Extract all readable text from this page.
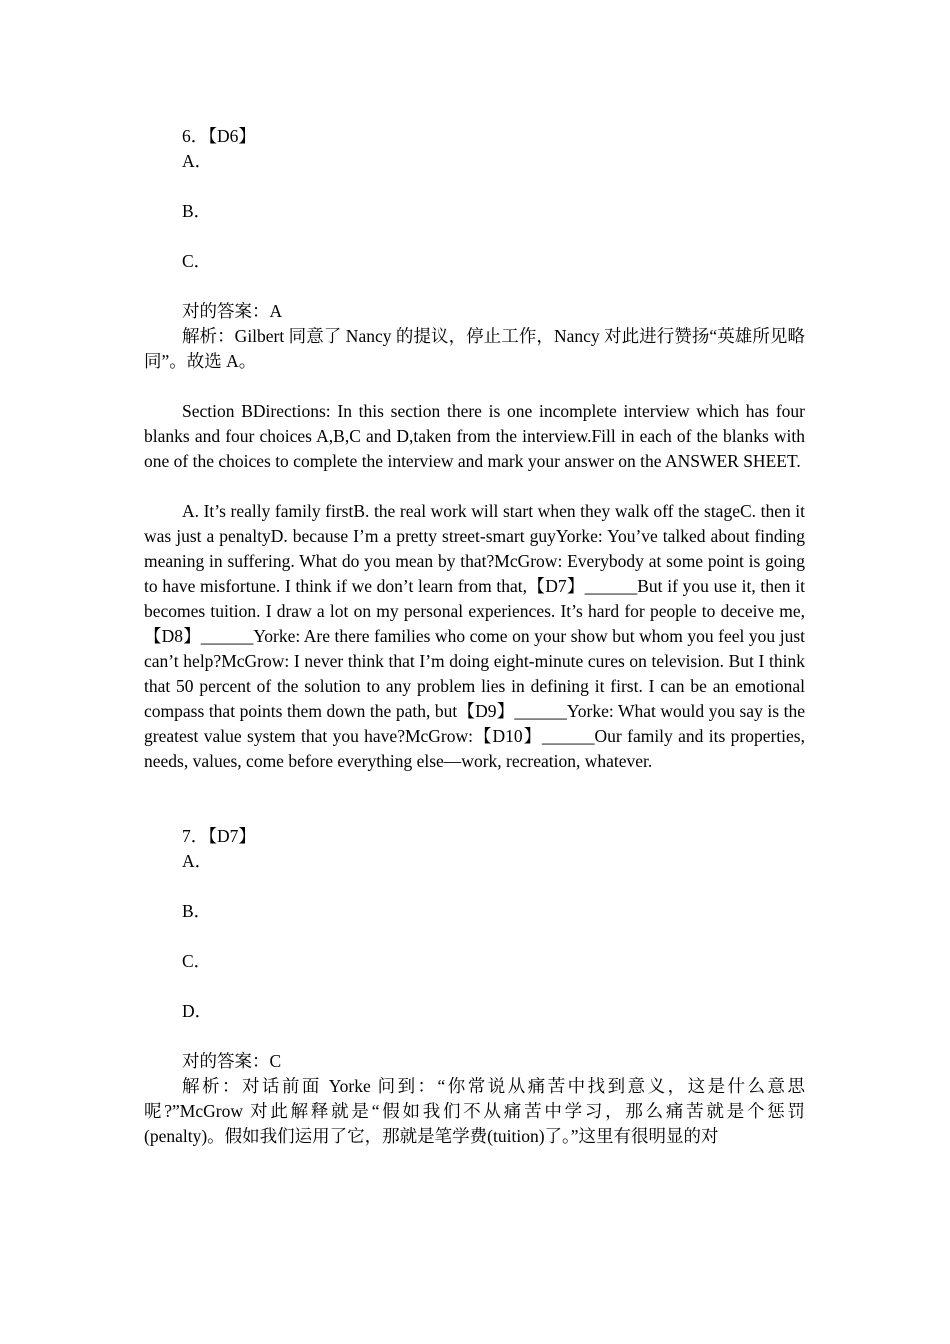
6．【D6】
A．
B．
C．
对的答案：A

解析：Gilbert 同意了 Nancy 的提议，停止工作，Nancy 对此进行赞扬“英雄所见略同”。故选 A。

Section BDirections: In this section there is one incomplete interview which has four blanks and four choices A,B,C and D,taken from the interview.Fill in each of the blanks with one of the choices to complete the interview and mark your answer on the ANSWER SHEET.

A. It’s really family firstB. the real work will start when they walk off the stageC. then it was just a penaltyD. because I’m a pretty street-smart guyYorke: You’ve talked about finding meaning in suffering. What do you mean by that?McGrow: Everybody at some point is going to have misfortune. I think if we don’t learn from that,【D7】______But if you use it, then it becomes tuition. I draw a lot on my personal experiences. It’s hard for people to deceive me,【D8】______Yorke: Are there families who come on your show but whom you feel you just can’t help?McGrow: I never think that I’m doing eight-minute cures on television. But I think that 50 percent of the solution to any problem lies in defining it first. I can be an emotional compass that points them down the path, but【D9】______Yorke: What would you say is the greatest value system that you have?McGrow:【D10】______Our family and its properties, needs, values, come before everything else—work, recreation, whatever.

7．【D7】
A．
B．
C．
D．
对的答案：C

解析：对话前面 Yorke 问到：“你常说从痛苦中找到意义，这是什么意思呢?”McGrow 对此解释就是“假如我们不从痛苦中学习，那么痛苦就是个惩罚(penalty)。假如我们运用了它，那就是笔学费(tuition)了。”这里有很明显的对
